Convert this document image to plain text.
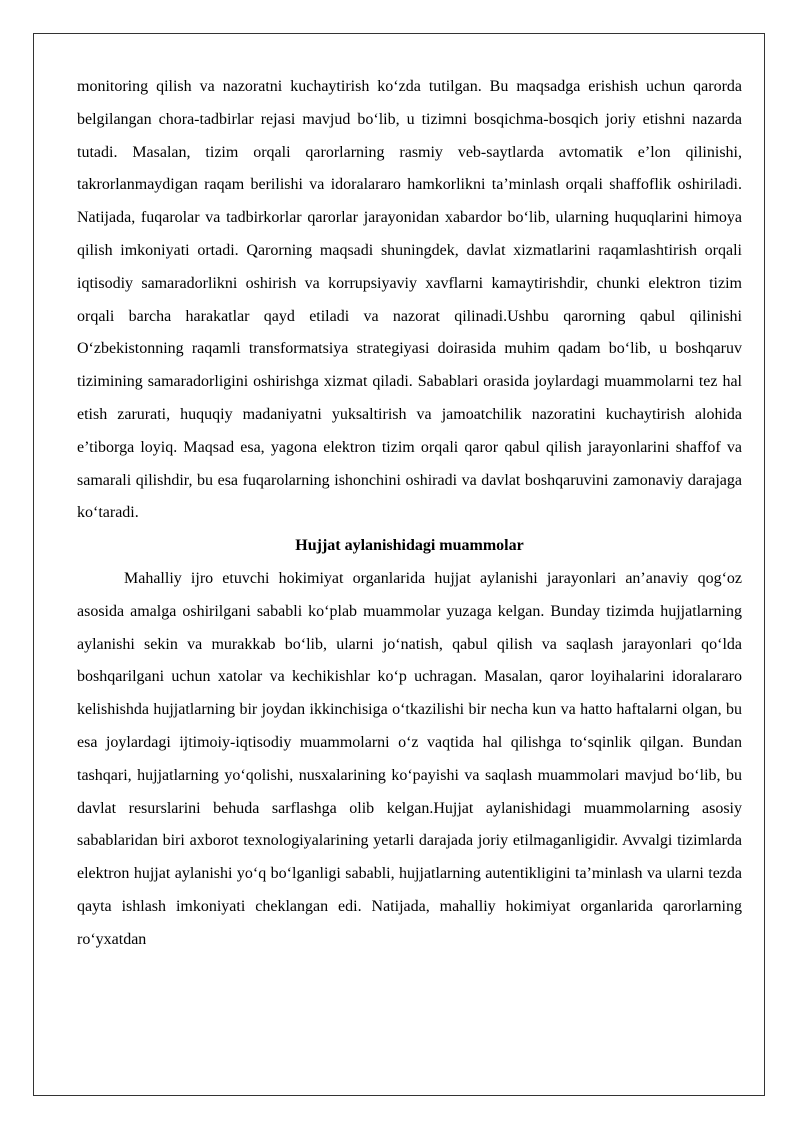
monitoring qilish va nazoratni kuchaytirish ko‘zda tutilgan. Bu maqsadga erishish uchun qarorda belgilangan chora-tadbirlar rejasi mavjud bo‘lib, u tizimni bosqichma-bosqich joriy etishni nazarda tutadi. Masalan, tizim orqali qarorlarning rasmiy veb-saytlarda avtomatik e’lon qilinishi, takrorlanmaydigan raqam berilishi va idoralararo hamkorlikni ta’minlash orqali shaffoflik oshiriladi. Natijada, fuqarolar va tadbirkorlar qarorlar jarayonidan xabardor bo‘lib, ularning huquqlarini himoya qilish imkoniyati ortadi. Qarorning maqsadi shuningdek, davlat xizmatlarini raqamlashtirish orqali iqtisodiy samaradorlikni oshirish va korrupsiyaviy xavflarni kamaytirishdir, chunki elektron tizim orqali barcha harakatlar qayd etiladi va nazorat qilinadi.Ushbu qarorning qabul qilinishi O‘zbekistonning raqamli transformatsiya strategiyasi doirasida muhim qadam bo‘lib, u boshqaruv tizimining samaradorligini oshirishga xizmat qiladi. Sabablari orasida joylardagi muammolarni tez hal etish zarurati, huquqiy madaniyatni yuksaltirish va jamoatchilik nazoratini kuchaytirish alohida e’tiborga loyiq. Maqsad esa, yagona elektron tizim orqali qaror qabul qilish jarayonlarini shaffof va samarali qilishdir, bu esa fuqarolarning ishonchini oshiradi va davlat boshqaruvini zamonaviy darajaga ko‘taradi.

Hujjat aylanishidagi muammolar

Mahalliy ijro etuvchi hokimiyat organlarida hujjat aylanishi jarayonlari an’anaviy qog‘oz asosida amalga oshirilgani sababli ko‘plab muammolar yuzaga kelgan. Bunday tizimda hujjatlarning aylanishi sekin va murakkab bo‘lib, ularni jo‘natish, qabul qilish va saqlash jarayonlari qo‘lda boshqarilgani uchun xatolar va kechikishlar ko‘p uchragan. Masalan, qaror loyihalarini idoralararo kelishishda hujjatlarning bir joydan ikkinchisiga o‘tkazilishi bir necha kun va hatto haftalarni olgan, bu esa joylardagi ijtimoiy-iqtisodiy muammolarni o‘z vaqtida hal qilishga to‘sqinlik qilgan. Bundan tashqari, hujjatlarning yo‘qolishi, nusxalarining ko‘payishi va saqlash muammolari mavjud bo‘lib, bu davlat resurslarini behuda sarflashga olib kelgan.Hujjat aylanishidagi muammolarning asosiy sabablaridan biri axborot texnologiyalarining yetarli darajada joriy etilmaganligidir. Avvalgi tizimlarda elektron hujjat aylanishi yo‘q bo‘lganligi sababli, hujjatlarning autentikligini ta’minlash va ularni tezda qayta ishlash imkoniyati cheklangan edi. Natijada, mahalliy hokimiyat organlarida qarorlarning ro‘yxatdan
